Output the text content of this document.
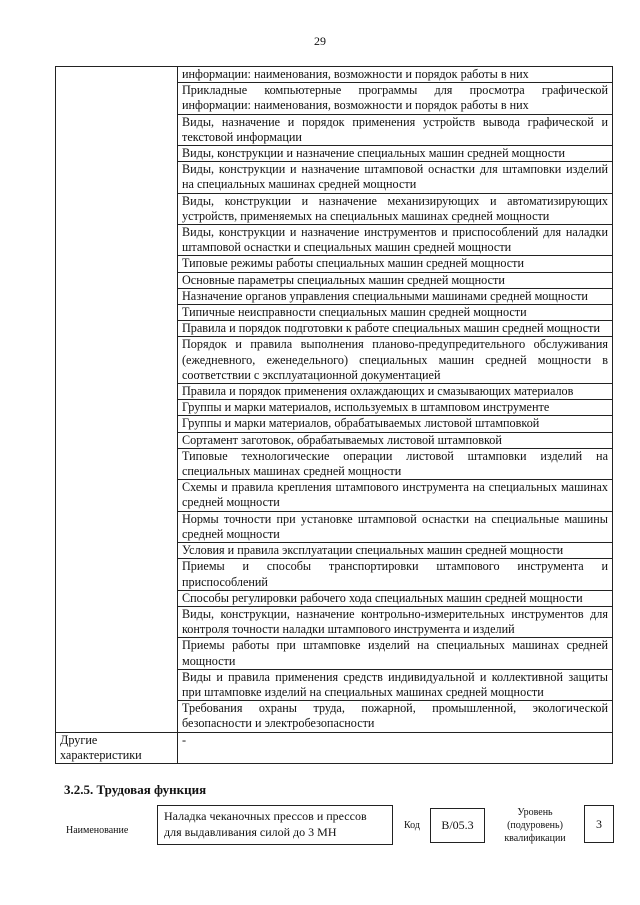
29
	информации: наименования, возможности и порядок работы в них
	Прикладные компьютерные программы для просмотра графической информации: наименования, возможности и порядок работы в них
	Виды, назначение и порядок применения устройств вывода графической и текстовой информации
	Виды, конструкции и назначение специальных машин средней мощности
	Виды, конструкции и назначение штамповой оснастки для штамповки изделий на специальных машинах средней мощности
	Виды, конструкции и назначение механизирующих и автоматизирующих устройств, применяемых на специальных машинах средней мощности
	Виды, конструкции и назначение инструментов и приспособлений для наладки штамповой оснастки и специальных машин средней мощности
	Типовые режимы работы специальных машин средней мощности
	Основные параметры специальных машин средней мощности
	Назначение органов управления специальными машинами средней мощности
	Типичные неисправности специальных машин средней мощности
	Правила и порядок подготовки к работе специальных машин средней мощности
	Порядок и правила выполнения планово-предупредительного обслуживания (ежедневного, еженедельного) специальных машин средней мощности в соответствии с эксплуатационной документацией
	Правила и порядок применения охлаждающих и смазывающих материалов
	Группы и марки материалов, используемых в штамповом инструменте
	Группы и марки материалов, обрабатываемых листовой штамповкой
	Сортамент заготовок, обрабатываемых листовой штамповкой
	Типовые технологические операции листовой штамповки изделий на специальных машинах средней мощности
	Схемы и правила крепления штампового инструмента на специальных машинах средней мощности
	Нормы точности при установке штамповой оснастки на специальные машины средней мощности
	Условия и правила эксплуатации специальных машин средней мощности
	Приемы и способы транспортировки штампового инструмента и приспособлений
	Способы регулировки рабочего хода специальных машин средней мощности
	Виды, конструкции, назначение контрольно-измерительных инструментов для контроля точности наладки штампового инструмента и изделий
	Приемы работы при штамповке изделий на специальных машинах средней мощности
	Виды и правила применения средств индивидуальной и коллективной защиты при штамповке изделий на специальных машинах средней мощности
	Требования охраны труда, пожарной, промышленной, экологической безопасности и электробезопасности
Другие характеристики	-
3.2.5. Трудовая функция
Наименование
Наладка чеканочных прессов и прессов для выдавливания силой до 3 МН	Код	В/05.3
Уровень (подуровень) квалификации
3
